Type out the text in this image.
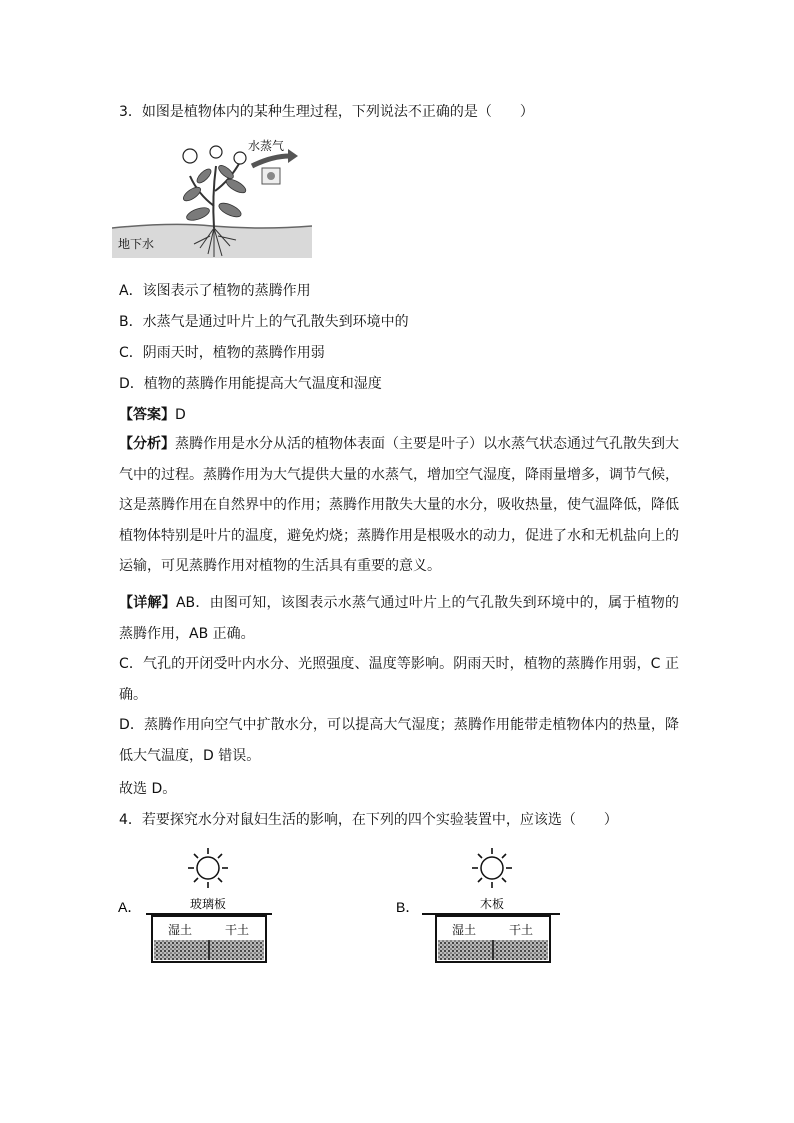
3．如图是植物体内的某种生理过程，下列说法不正确的是（　　）
水蒸气
地下水
A．该图表示了植物的蒸腾作用
B．水蒸气是通过叶片上的气孔散失到环境中的
C．阴雨天时，植物的蒸腾作用弱
D．植物的蒸腾作用能提高大气温度和湿度
【答案】D
【分析】蒸腾作用是水分从活的植物体表面（主要是叶子）以水蒸气状态通过气孔散失到大气中的过程。蒸腾作用为大气提供大量的水蒸气，增加空气湿度，降雨量增多，调节气候，这是蒸腾作用在自然界中的作用；蒸腾作用散失大量的水分，吸收热量，使气温降低，降低植物体特别是叶片的温度，避免灼烧；蒸腾作用是根吸水的动力，促进了水和无机盐向上的运输，可见蒸腾作用对植物的生活具有重要的意义。
【详解】AB．由图可知，该图表示水蒸气通过叶片上的气孔散失到环境中的，属于植物的蒸腾作用，AB 正确。
C．气孔的开闭受叶内水分、光照强度、温度等影响。阴雨天时，植物的蒸腾作用弱，C 正确。
D．蒸腾作用向空气中扩散水分，可以提高大气湿度；蒸腾作用能带走植物体内的热量，降低大气温度，D 错误。
故选 D。
4．若要探究水分对鼠妇生活的影响，在下列的四个实验装置中，应该选（　　）
A．	玻璃板
湿土	干土
B．	木板
湿土	干土
